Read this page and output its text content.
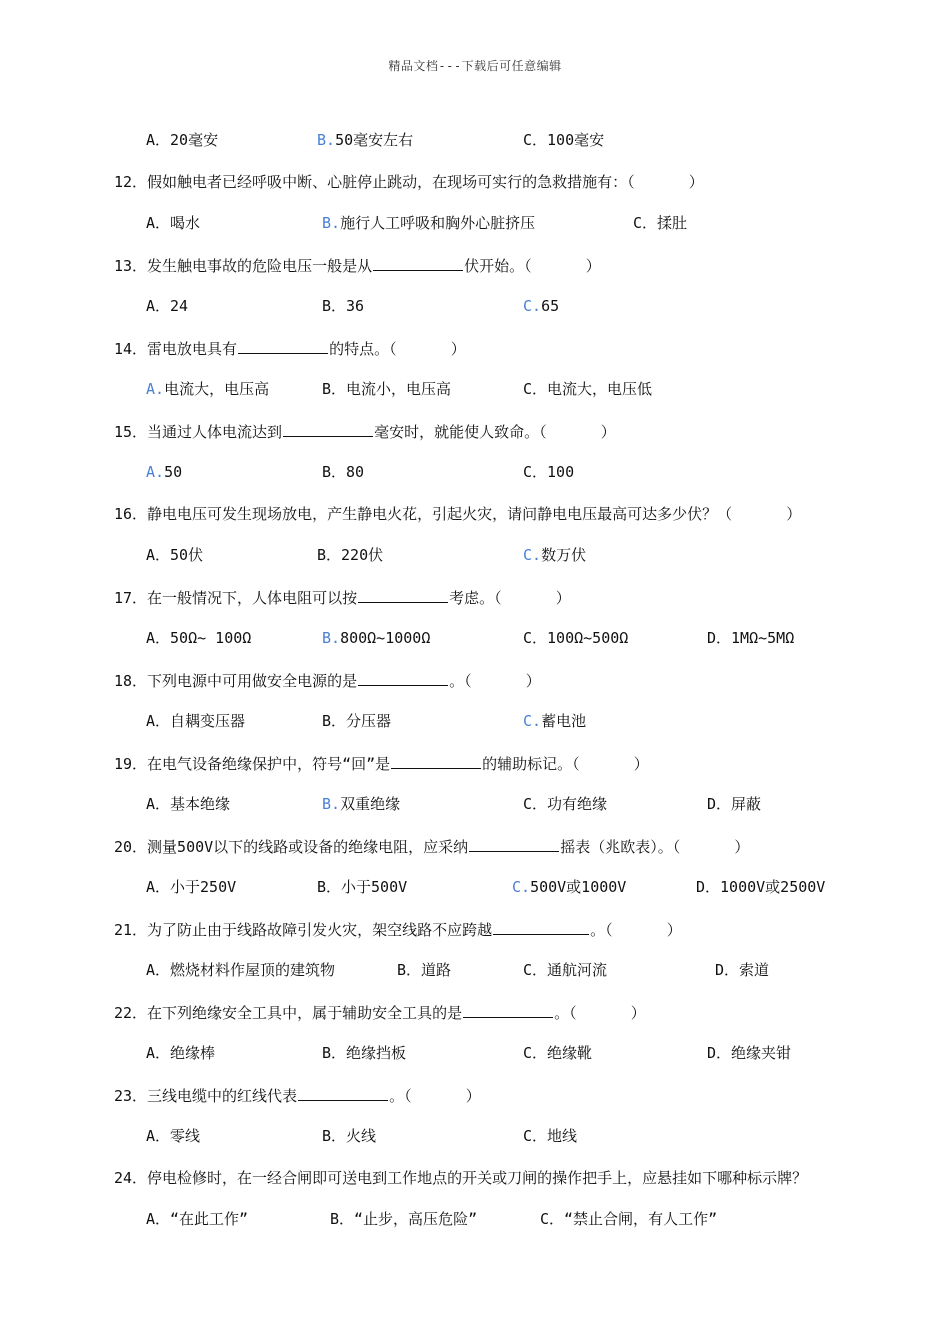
精品文档---下载后可任意编辑
A．20毫安	B.50毫安左右	C．100毫安
12．假如触电者已经呼吸中断、心脏停止跳动，在现场可实行的急救措施有：（      ）
A．喝水	B.施行人工呼吸和胸外心脏挤压	C．揉肚
13．发生触电事故的危险电压一般是从	伏开始。（      ）
A．24	B．36	C.65
14．雷电放电具有	的特点。（      ）
A.电流大，电压高	B．电流小，电压高	C．电流大，电压低
15．当通过人体电流达到	毫安时，就能使人致命。（      ）
A.50	B．80	C．100
16．静电电压可发生现场放电，产生静电火花，引起火灾，请问静电电压最高可达多少伏？（      ）
A．50伏	B．220伏	C.数万伏
17．在一般情况下，人体电阻可以按	考虑。（      ）
A．50Ω~ 100Ω	B.800Ω~1000Ω	C．100Ω~500Ω	D．1MΩ~5MΩ
18．下列电源中可用做安全电源的是	。（      ）
A．自耦变压器	B．分压器	C.蓄电池
19．在电气设备绝缘保护中，符号“回”是	的辅助标记。（      ）
A．基本绝缘	B.双重绝缘	C．功有绝缘	D．屏蔽
20．测量500V以下的线路或设备的绝缘电阻，应采纳	摇表（兆欧表）。（      ）
A．小于250V	B．小于500V	C.500V或1000V	D．1000V或2500V
21．为了防止由于线路故障引发火灾，架空线路不应跨越	。（      ）
A．燃烧材料作屋顶的建筑物	B．道路	C．通航河流	D．索道
22．在下列绝缘安全工具中，属于辅助安全工具的是	。（      ）
A．绝缘棒	B．绝缘挡板	C．绝缘靴	D．绝缘夹钳
23．三线电缆中的红线代表	。（      ）
A．零线	B．火线	C．地线
24．停电检修时，在一经合闸即可送电到工作地点的开关或刀闸的操作把手上，应悬挂如下哪种标示牌？
A．“在此工作”	B．“止步，高压危险”	C．“禁止合闸，有人工作”
